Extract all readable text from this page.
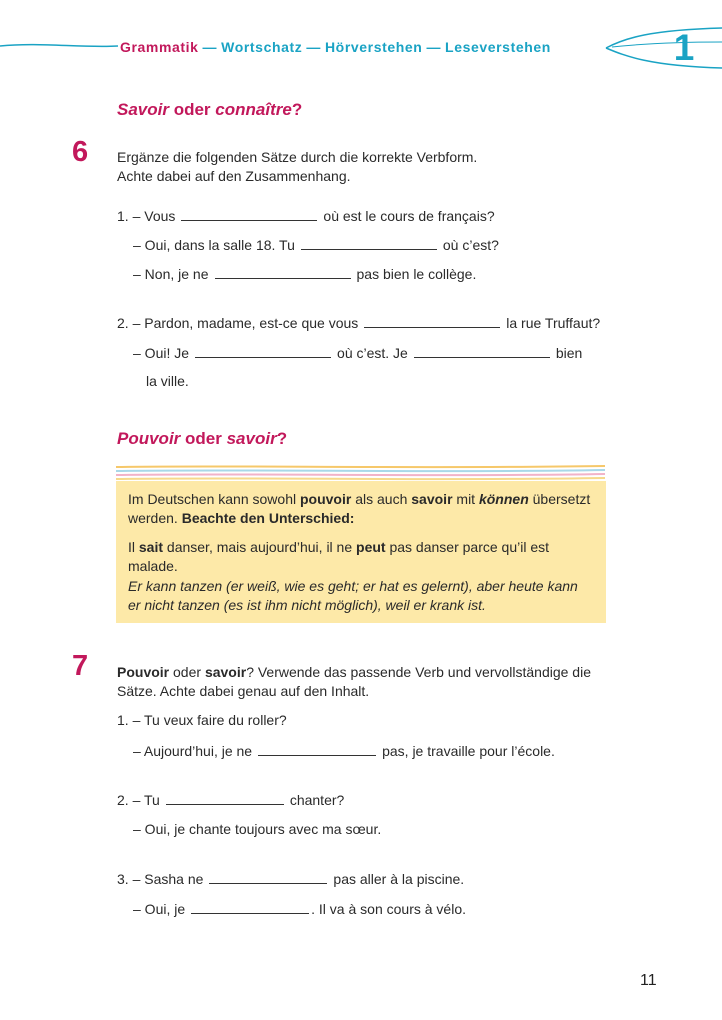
Grammatik — Wortschatz — Hörverstehen — Leseverstehen	1
Savoir oder connaître?
6 Ergänze die folgenden Sätze durch die korrekte Verbform.
Achte dabei auf den Zusammenhang.
1. – Vous	où est le cours de français?
– Oui, dans la salle 18. Tu	où c’est?
– Non, je ne	pas bien le collège.
2. – Pardon, madame, est-ce que vous	la rue Truffaut?
– Oui! Je	où c’est. Je	bien
la ville.
Pouvoir oder savoir?
Im Deutschen kann sowohl pouvoir als auch savoir mit können übersetzt
werden. Beachte den Unterschied:
Il sait danser, mais aujourd’hui, il ne peut pas danser parce qu’il est
malade.
Er kann tanzen (er weiß, wie es geht; er hat es gelernt), aber heute kann
er nicht tanzen (es ist ihm nicht möglich), weil er krank ist.
7 Pouvoir oder savoir? Verwende das passende Verb und vervollständige die
Sätze. Achte dabei genau auf den Inhalt.
1. – Tu veux faire du roller?
– Aujourd’hui, je ne	pas, je travaille pour l’école.
2. – Tu	chanter?
– Oui, je chante toujours avec ma sœur.
3. – Sasha ne	pas aller à la piscine.
– Oui, je	. Il va à son cours à vélo.
11
